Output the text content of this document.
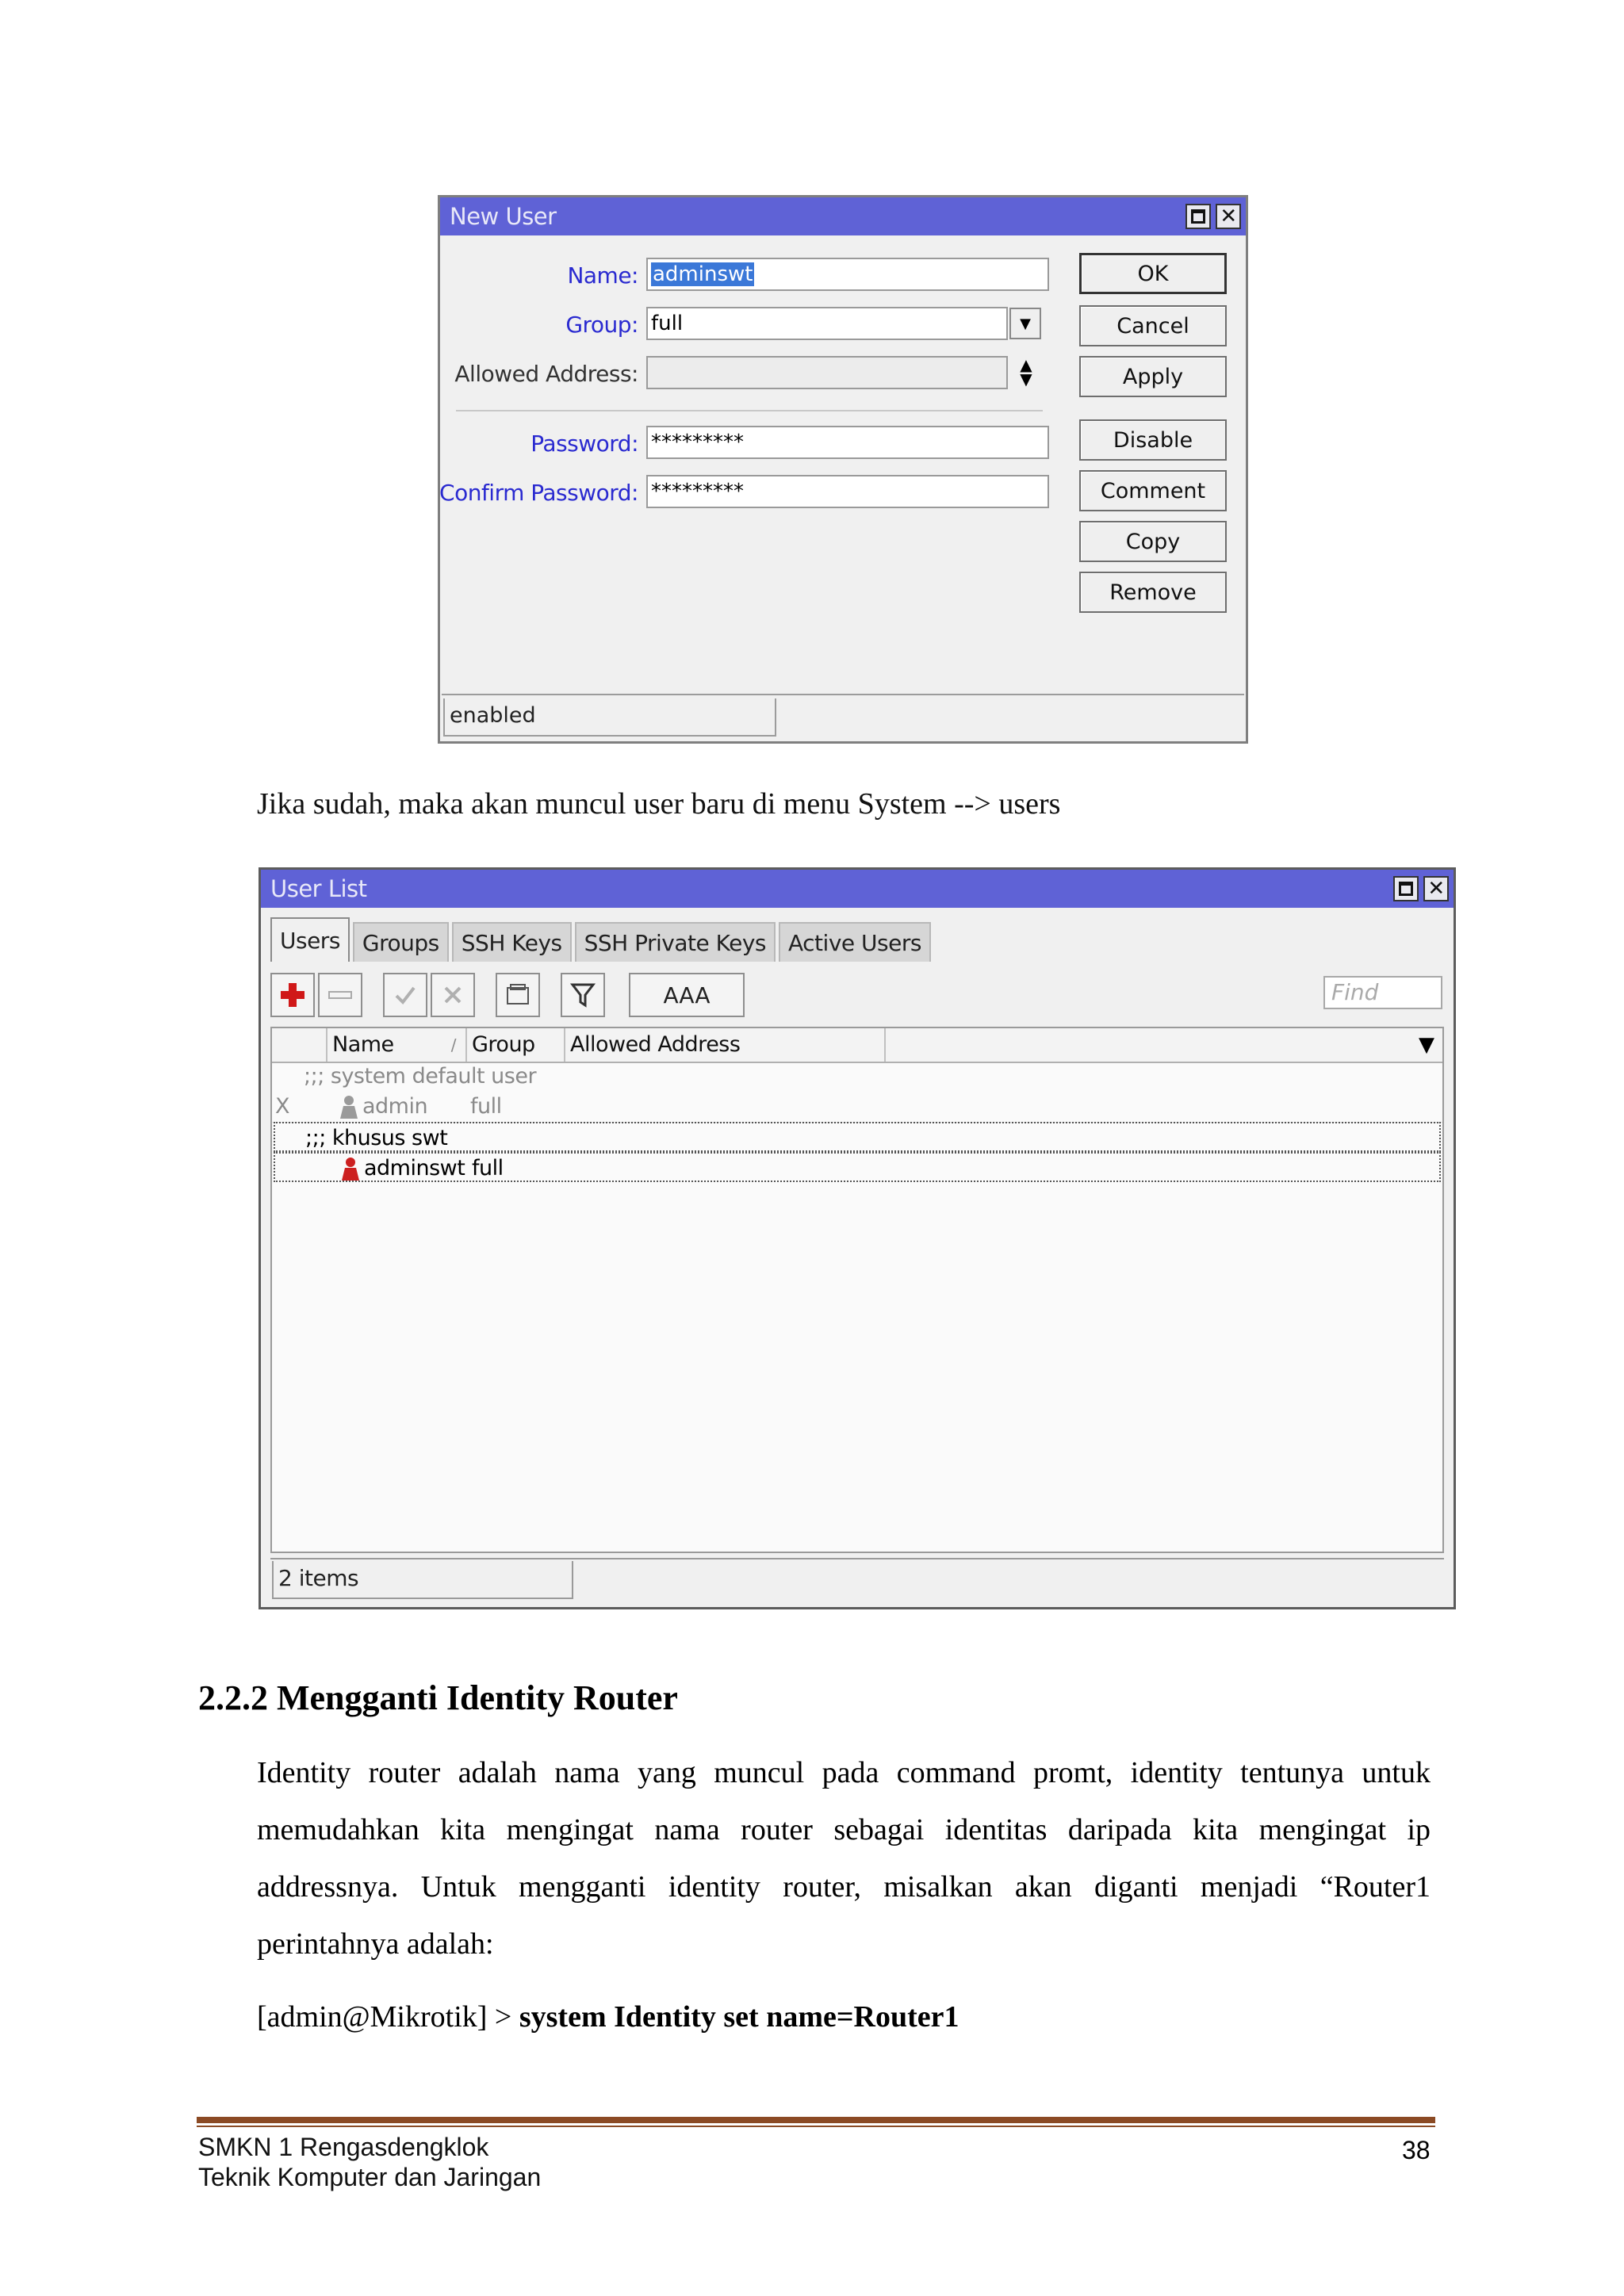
New User	✕
Name: adminswt
Group: full	▼
Allowed Address:	▲
▼
Password: *********
Confirm Password: *********
OK
Cancel
Apply
Disable
Comment
Copy
Remove
enabled
Jika sudah, maka akan muncul user baru di menu System --> users
User List	✕
Users	Groups	SSH Keys	SSH Private Keys	Active Users
AAA	Find
Name	/ Group	Allowed Address	▼
;;; system default user
X	admin full
;;; khusus swt
adminswt full
2 items
2.2.2 Mengganti Identity Router
Identity router adalah nama yang muncul pada command promt, identity tentunya untuk memudahkan kita mengingat nama router sebagai identitas daripada kita mengingat ip addressnya. Untuk mengganti identity router, misalkan akan diganti menjadi “Router1 perintahnya adalah:
[admin@Mikrotik] > system Identity set name=Router1
SMKN 1 Rengasdengklok
Teknik Komputer dan Jaringan
38
